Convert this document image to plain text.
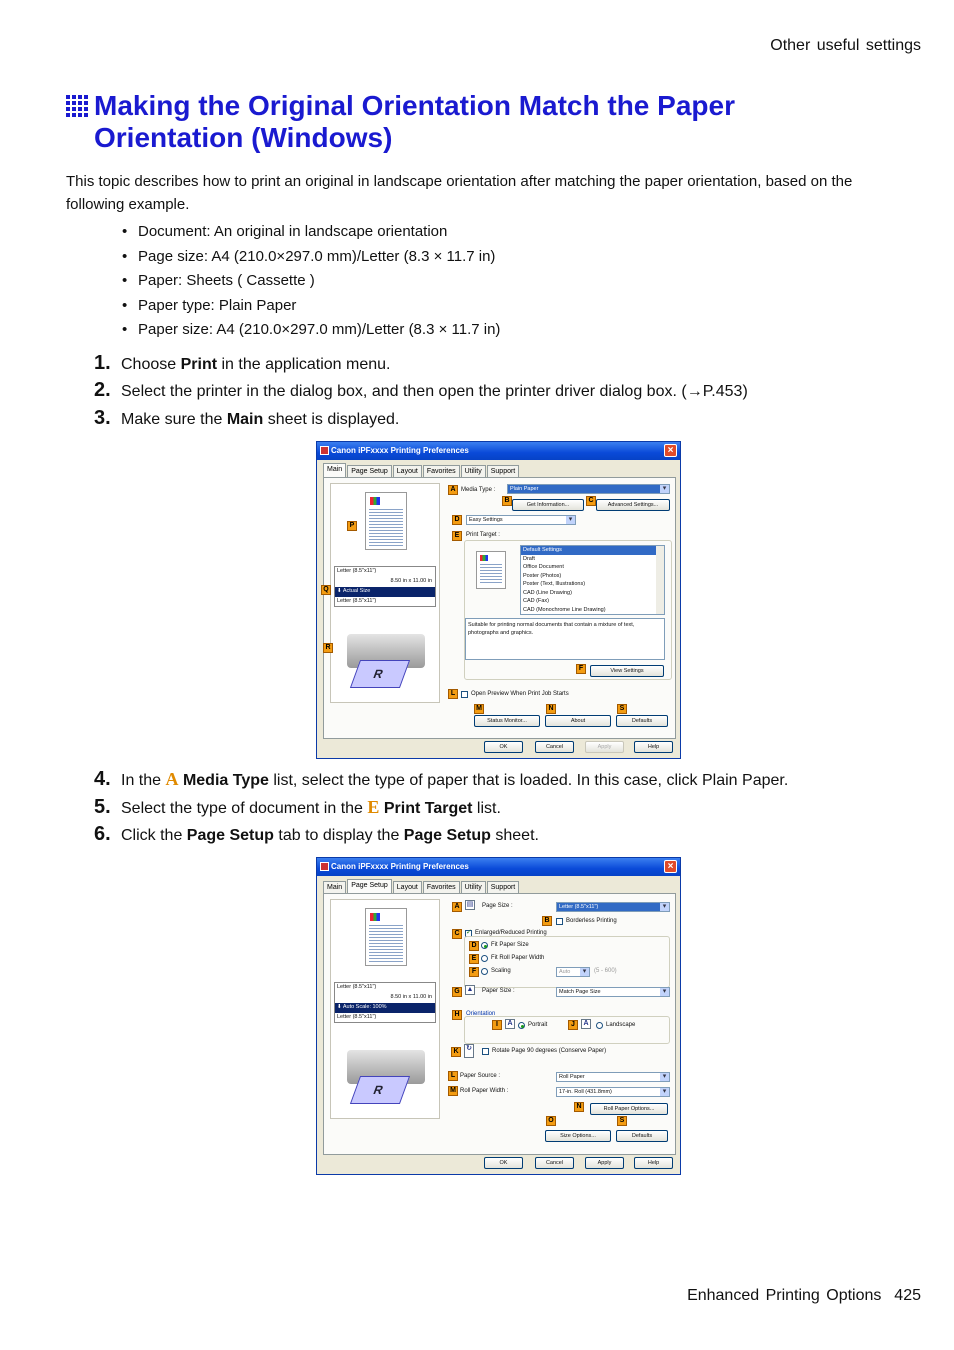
Other useful settings
Making the Original Orientation Match the Paper Orientation (Windows)

This topic describes how to print an original in landscape orientation after matching the paper orientation, based on the following example.

• Document: An original in landscape orientation
• Page size: A4 (210.0×297.0 mm)/Letter (8.3 × 11.7 in)
• Paper: Sheets ( Cassette )
• Paper type: Plain Paper
• Paper size: A4 (210.0×297.0 mm)/Letter (8.3 × 11.7 in)
1. Choose Print in the application menu.
2. Select the printer in the dialog box, and then open the printer driver dialog box. (→P.453)
3. Make sure the Main sheet is displayed.
Canon iPFxxxx Printing Preferences	×
Main	Page Setup	Layout	Favorites	Utility	Support
Letter (8.5"x11")
8.50 in x 11.00 in
⬇ Actual Size
Letter (8.5"x11")
R
P
Q
R
A Media Type :	Plain Paper ▾
B
Get Information...
C
Advanced Settings...
D	Easy Settings ▾
E	Print Target :
Default Settings
Draft
Office Document
Poster (Photos)
Poster (Text, Illustrations)
CAD (Line Drawing)
CAD (Fax)
CAD (Monochrome Line Drawing)
Suitable for printing normal documents that contain a mixture of text, photographs and graphics.
F	View Settings
L	Open Preview When Print Job Starts
M	N	S
Status Monitor...	About	Defaults
OK	Cancel	Apply	Help
4. In the A Media Type list, select the type of paper that is loaded. In this case, click Plain Paper.
5. Select the type of document in the E Print Target list.
6. Click the Page Setup tab to display the Page Setup sheet.
Canon iPFxxxx Printing Preferences	×
Main	Page Setup	Layout	Favorites	Utility	Support
Letter (8.5"x11")
8.50 in x 11.00 in
⬇ Auto Scale: 100%
Letter (8.5"x11")
R
A	▤ Page Size :	Letter (8.5"x11") ▾
B	Borderless Printing
C
✓	Enlarged/Reduced Printing
D	Fit Paper Size
E	Fit Roll Paper Width
F	Scaling	Auto ▾	(5 - 600)
G ▲ Paper Size :	Match Page Size ▾
H	Orientation
I	A	Portrait	J	A	Landscape
K	↻	Rotate Page 90 degrees (Conserve Paper)
L Paper Source :	Roll Paper ▾
M Roll Paper Width :	17-in. Roll (431.8mm) ▾
N	Roll Paper Options...
O	S
Size Options...	Defaults
OK	Cancel	Apply	Help
Enhanced Printing Options 425
